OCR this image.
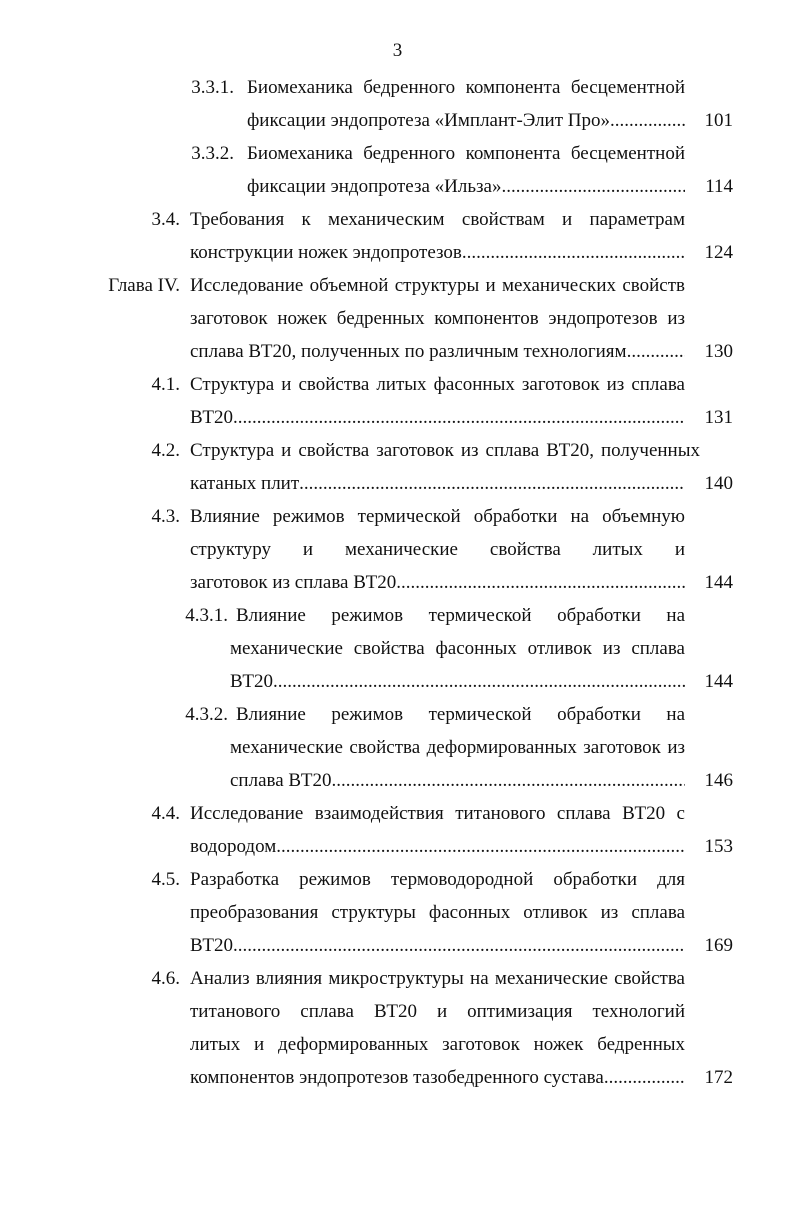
3
3.3.1. Биомеханика бедренного компонента бесцементной
фиксации эндопротеза «Имплант-Элит Про» .....	101
3.3.2. Биомеханика бедренного компонента бесцементной
фиксации эндопротеза «Ильза» .....	114
3.4. Требования к механическим свойствам и параметрам
конструкции ножек эндопротезов .....	124
Глава IV. Исследование объемной структуры и механических свойств
заготовок ножек бедренных компонентов эндопротезов из
сплава ВТ20, полученных по различным технологиям .....	130
4.1. Структура и свойства литых фасонных заготовок из сплава
ВТ20 .....	131
4.2. Структура и свойства заготовок из сплава ВТ20, полученных
катаных плит .....	140
4.3. Влияние режимов термической обработки на объемную
структуру и механические свойства литых и
заготовок из сплава ВТ20 .....	144
4.3.1. Влияние режимов термической обработки на
механические свойства фасонных отливок из сплава
ВТ20 .....	144
4.3.2. Влияние режимов термической обработки на
механические свойства деформированных заготовок из
сплава ВТ20 .....	146
4.4. Исследование взаимодействия титанового сплава ВТ20 с
водородом .....	153
4.5. Разработка режимов термоводородной обработки для
преобразования структуры фасонных отливок из сплава
ВТ20 .....	169
4.6. Анализ влияния микроструктуры на механические свойства
титанового сплава ВТ20 и оптимизация технологий
литых и деформированных заготовок ножек бедренных
компонентов эндопротезов тазобедренного сустава .....	172
